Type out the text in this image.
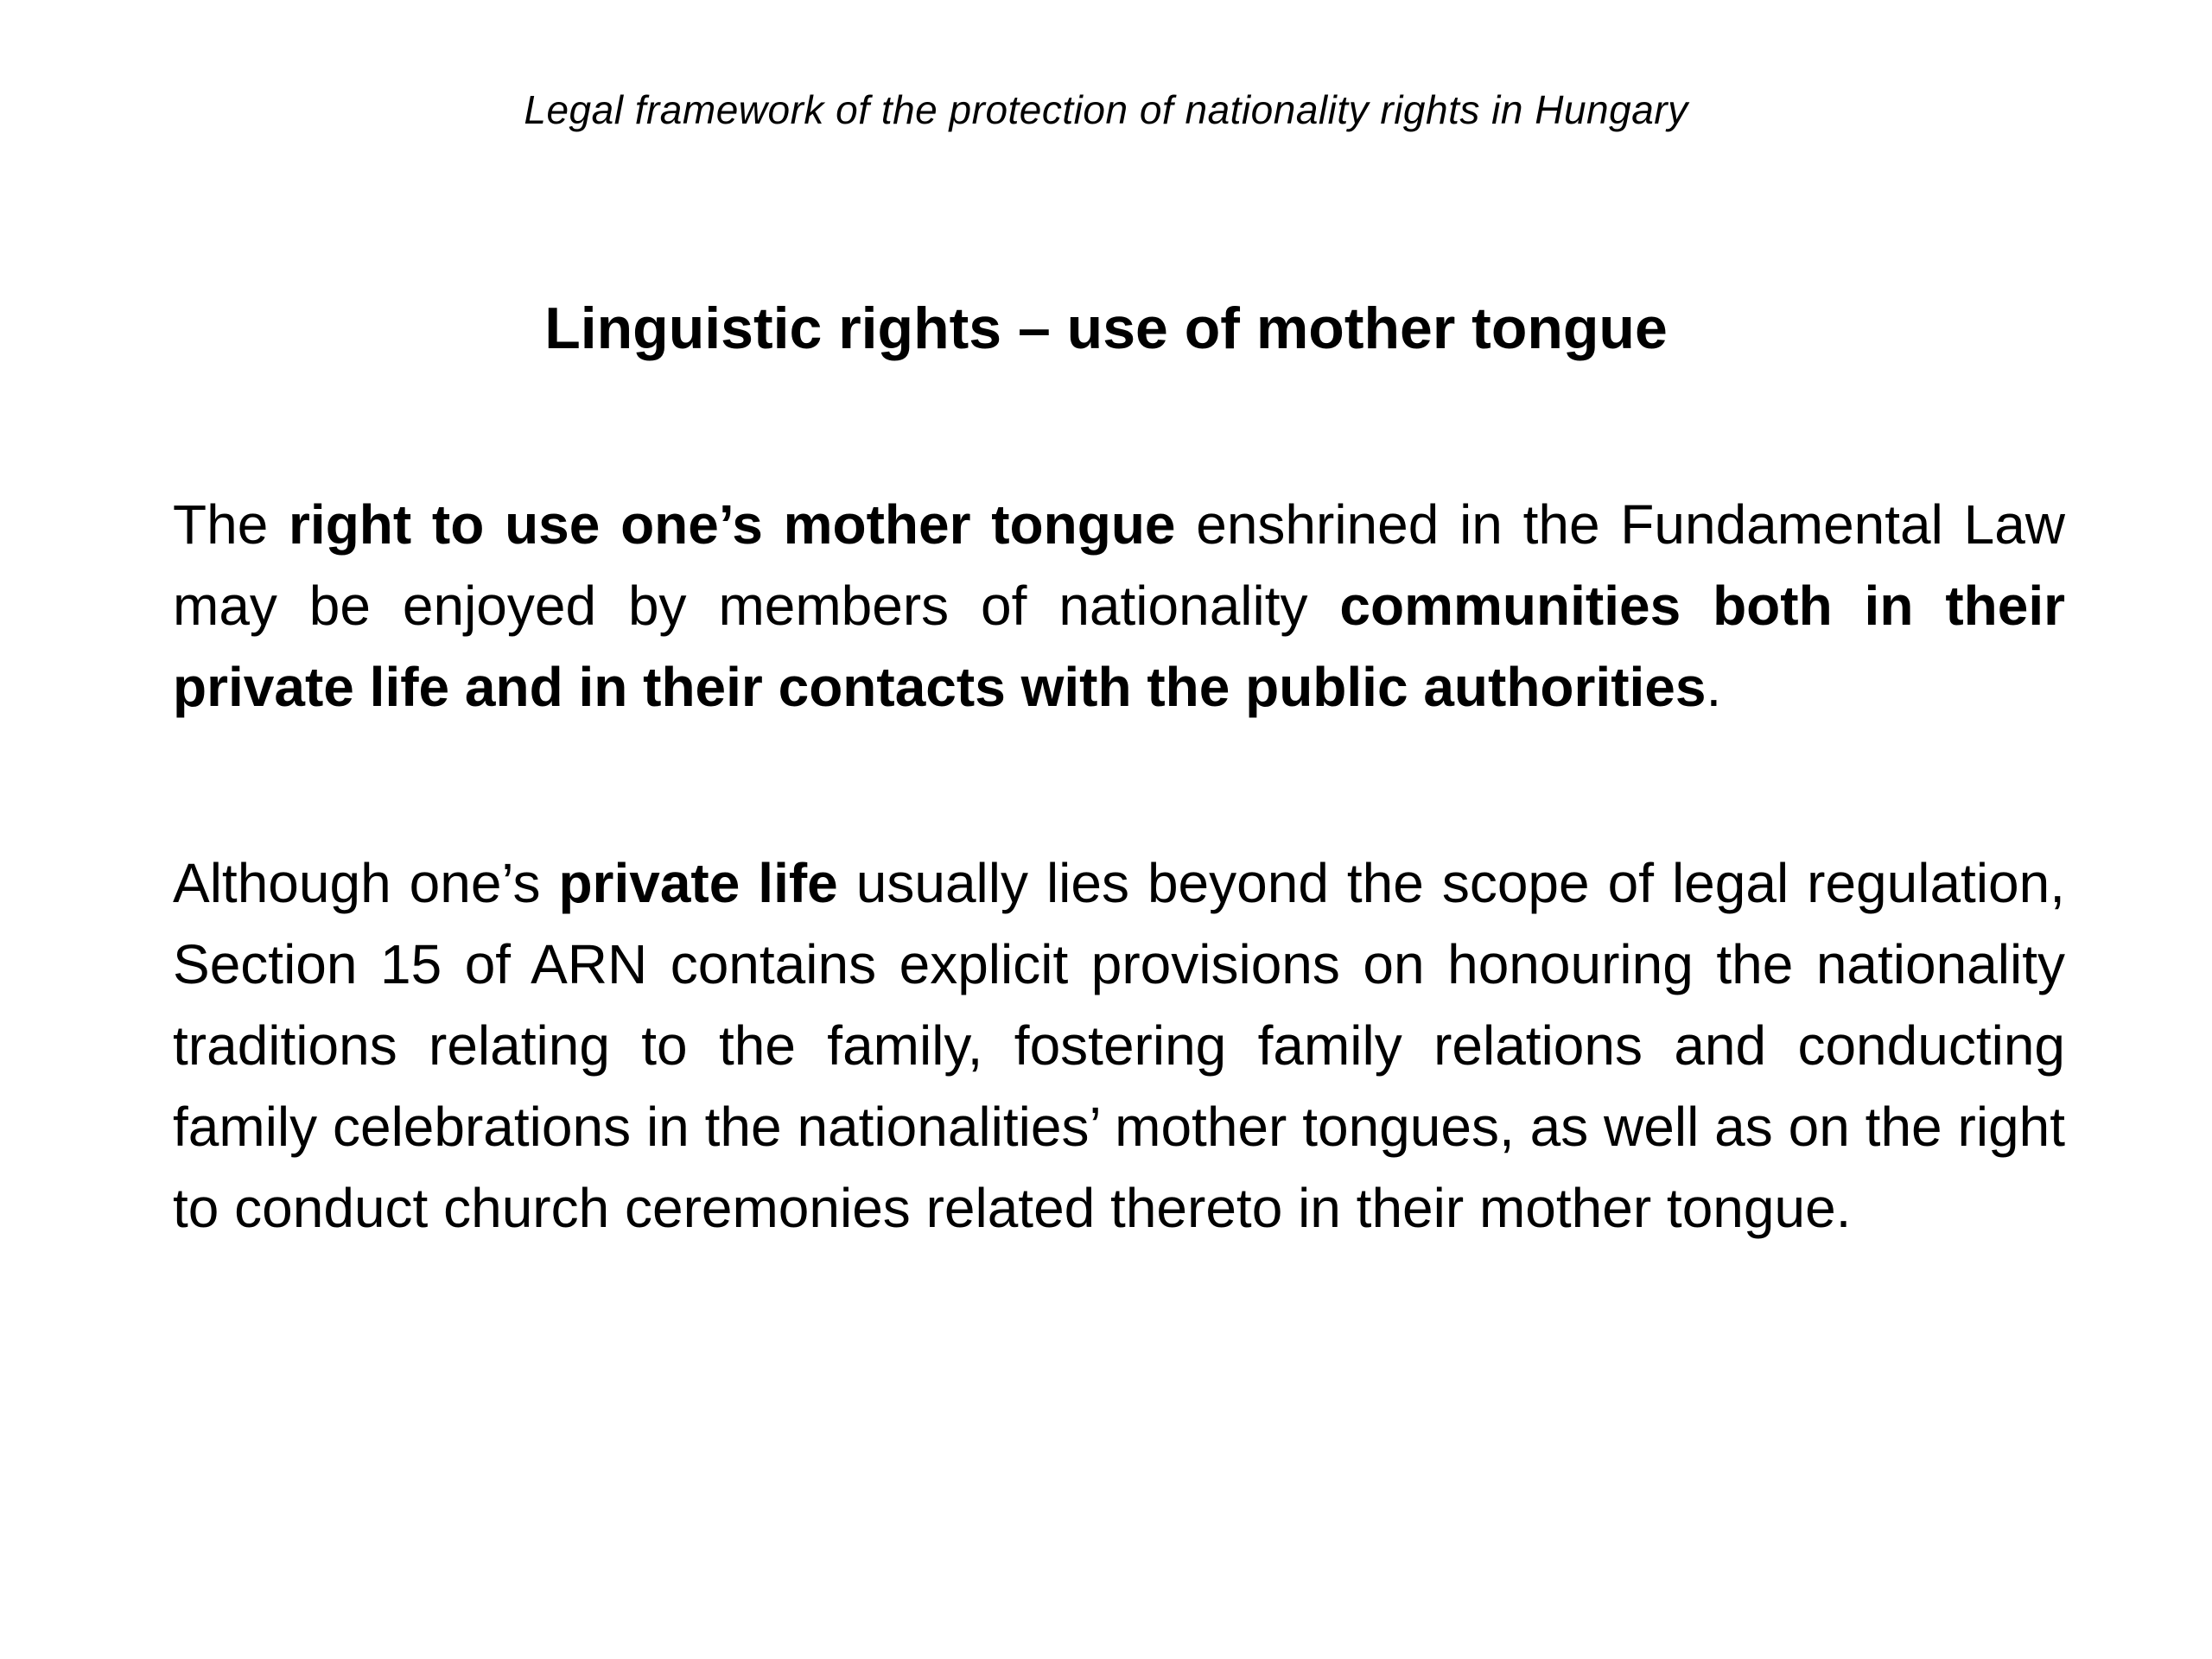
Legal framework of the protection of nationality rights in Hungary
Linguistic rights – use of mother tongue

The right to use one’s mother tongue enshrined in the Fundamental Law may be enjoyed by members of nationality communities both in their private life and in their contacts with the public authorities.

Although one’s private life usually lies beyond the scope of legal regulation, Section 15 of ARN contains explicit provisions on honouring the nationality traditions relating to the family, fostering family relations and conducting family celebrations in the nationalities’ mother tongues, as well as on the right to conduct church ceremonies related thereto in their mother tongue.
